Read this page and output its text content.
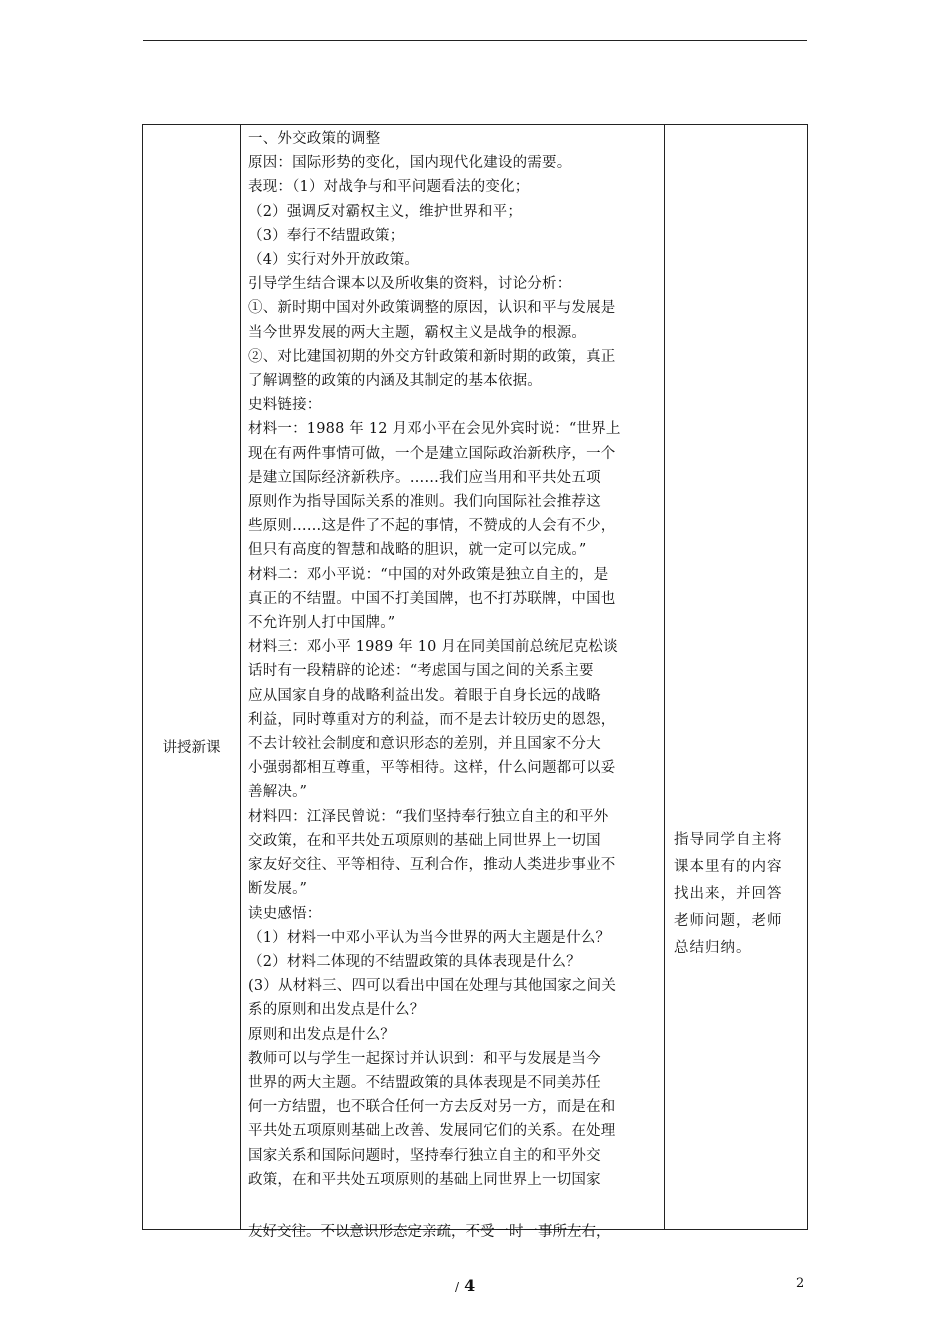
讲授新课
一、外交政策的调整
原因：国际形势的变化，国内现代化建设的需要。
表现：（1）对战争与和平问题看法的变化；
（2）强调反对霸权主义，维护世界和平；
（3）奉行不结盟政策；
（4）实行对外开放政策。
引导学生结合课本以及所收集的资料，讨论分析：
①、新时期中国对外政策调整的原因，认识和平与发展是
当今世界发展的两大主题，霸权主义是战争的根源。
②、对比建国初期的外交方针政策和新时期的政策，真正
了解调整的政策的内涵及其制定的基本依据。
史料链接：
材料一：1988 年 12 月邓小平在会见外宾时说：“世界上
现在有两件事情可做，一个是建立国际政治新秩序，一个
是建立国际经济新秩序。……我们应当用和平共处五项
原则作为指导国际关系的准则。我们向国际社会推荐这
些原则……这是件了不起的事情，不赞成的人会有不少，
但只有高度的智慧和战略的胆识，就一定可以完成。”
材料二：邓小平说：“中国的对外政策是独立自主的，是
真正的不结盟。中国不打美国牌，也不打苏联牌，中国也
不允许别人打中国牌。”
材料三：邓小平 1989 年 10 月在同美国前总统尼克松谈
话时有一段精辟的论述：“考虑国与国之间的关系主要
应从国家自身的战略利益出发。着眼于自身长远的战略
利益，同时尊重对方的利益，而不是去计较历史的恩怨，
不去计较社会制度和意识形态的差别，并且国家不分大
小强弱都相互尊重，平等相待。这样，什么问题都可以妥
善解决。”
材料四：江泽民曾说：“我们坚持奉行独立自主的和平外
交政策，在和平共处五项原则的基础上同世界上一切国
家友好交往、平等相待、互利合作，推动人类进步事业不
断发展。”
读史感悟：
（1）材料一中邓小平认为当今世界的两大主题是什么？
（2）材料二体现的不结盟政策的具体表现是什么？
(3）从材料三、四可以看出中国在处理与其他国家之间关
系的原则和出发点是什么？
原则和出发点是什么？
教师可以与学生一起探讨并认识到：和平与发展是当今
世界的两大主题。不结盟政策的具体表现是不同美苏任
何一方结盟，也不联合任何一方去反对另一方，而是在和
平共处五项原则基础上改善、发展同它们的关系。在处理
国家关系和国际问题时，坚持奉行独立自主的和平外交
政策，在和平共处五项原则的基础上同世界上一切国家
友好交往。不以意识形态定亲疏，不受一时一事所左右，
指导同学自主将
课本里有的内容
找出来，并回答
老师问题，老师
总结归纳。
/ 4	2
